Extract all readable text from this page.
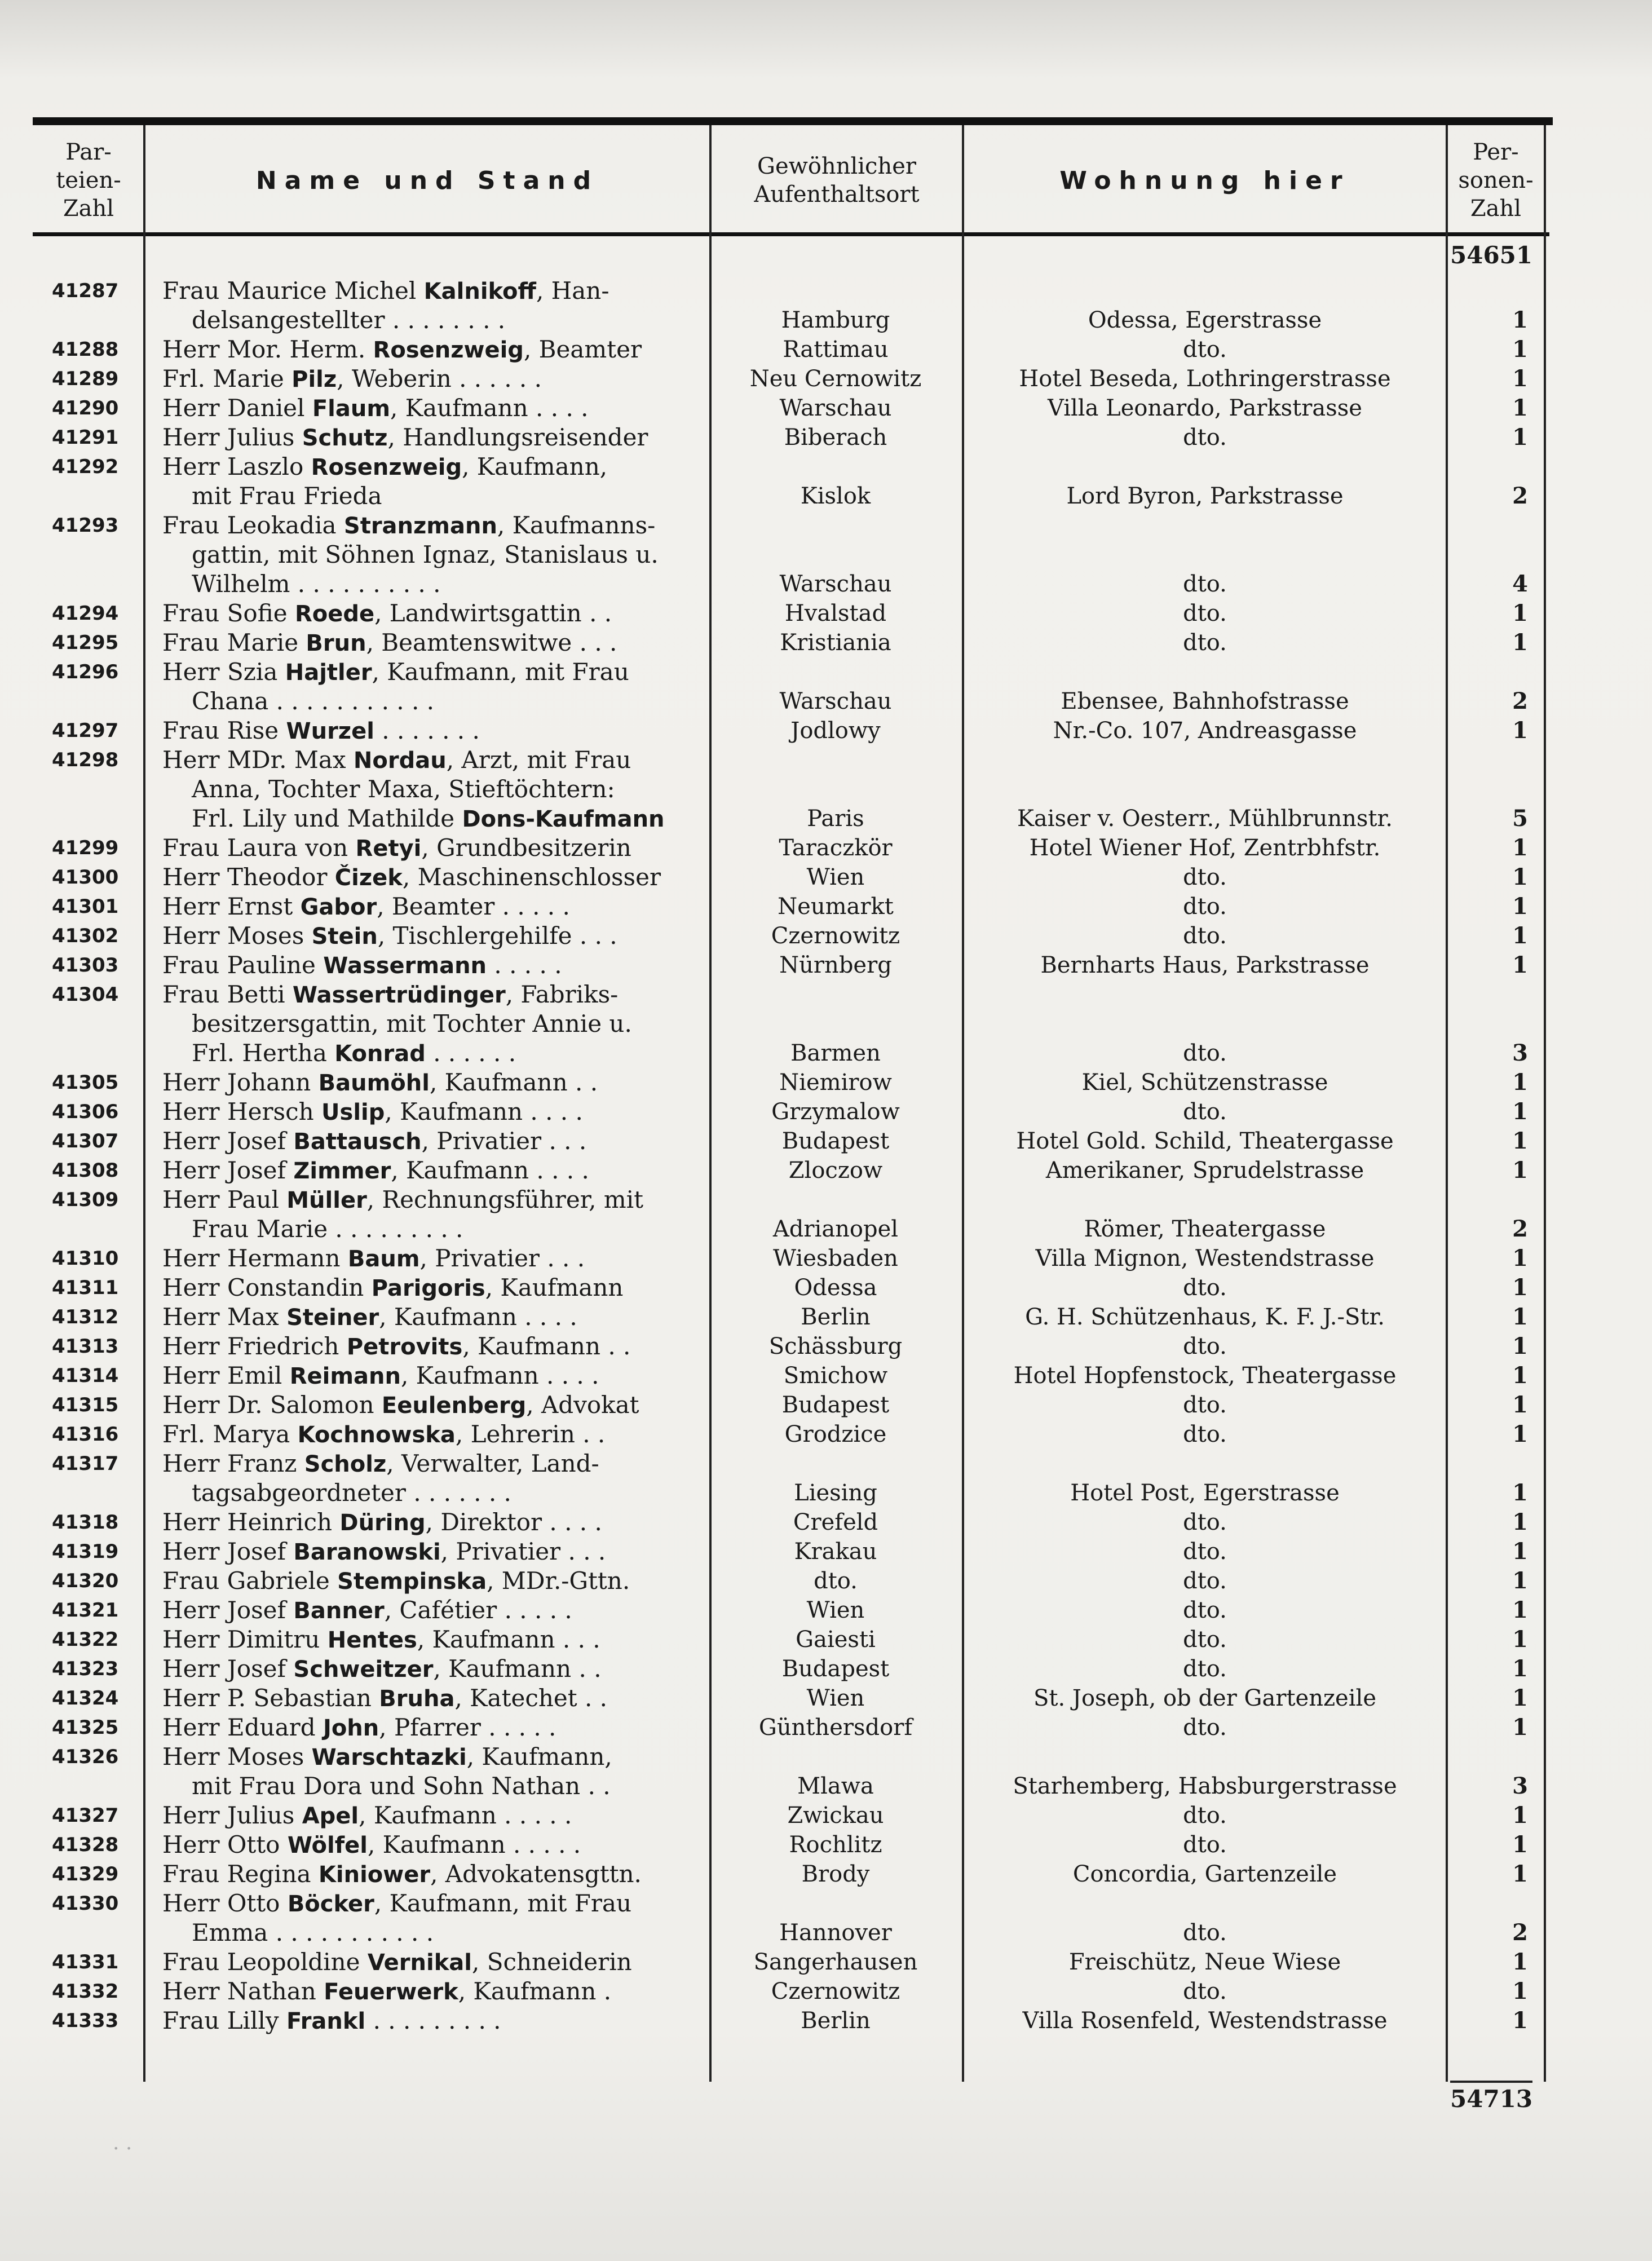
Par-
teien-
Zahl
Name und Stand	Gewöhnlicher
Aufenthaltsort	Wohnung hier
Per-
sonen-
Zahl
54651
41287 Frau Maurice Michel Kalnikoff, Han-
delsangestellter . . . . . . . .	Hamburg	Odessa, Egerstrasse	1
41288 Herr Mor. Herm. Rosenzweig, Beamter	Rattimau	dto.	1
41289 Frl. Marie Pilz, Weberin . . . . . .	Neu Cernowitz	Hotel Beseda, Lothringerstrasse	1
41290 Herr Daniel Flaum, Kaufmann . . . .	Warschau	Villa Leonardo, Parkstrasse	1
41291 Herr Julius Schutz, Handlungsreisender	Biberach	dto.	1
41292 Herr Laszlo Rosenzweig, Kaufmann,
mit Frau Frieda	Kislok	Lord Byron, Parkstrasse	2
41293 Frau Leokadia Stranzmann, Kaufmanns-
gattin, mit Söhnen Ignaz, Stanislaus u.
Wilhelm . . . . . . . . . .	Warschau	dto.	4
41294 Frau Sofie Roede, Landwirtsgattin . .	Hvalstad	dto.	1
41295 Frau Marie Brun, Beamtenswitwe . . .	Kristiania	dto.	1
41296 Herr Szia Hajtler, Kaufmann, mit Frau
Chana . . . . . . . . . . .	Warschau	Ebensee, Bahnhofstrasse	2
41297 Frau Rise Wurzel . . . . . . .	Jodlowy	Nr.-Co. 107, Andreasgasse	1
41298 Herr MDr. Max Nordau, Arzt, mit Frau
Anna, Tochter Maxa, Stieftöchtern:
Frl. Lily und Mathilde Dons-Kaufmann	Paris	Kaiser v. Oesterr., Mühlbrunnstr.	5
41299 Frau Laura von Retyi, Grundbesitzerin	Taraczkör	Hotel Wiener Hof, Zentrbhfstr.	1
41300 Herr Theodor Čizek, Maschinenschlosser	Wien	dto.	1
41301 Herr Ernst Gabor, Beamter . . . . .	Neumarkt	dto.	1
41302 Herr Moses Stein, Tischlergehilfe . . .	Czernowitz	dto.	1
41303 Frau Pauline Wassermann . . . . .	Nürnberg	Bernharts Haus, Parkstrasse	1
41304 Frau Betti Wassertrüdinger, Fabriks-
besitzersgattin, mit Tochter Annie u.
Frl. Hertha Konrad . . . . . .	Barmen	dto.	3
41305 Herr Johann Baumöhl, Kaufmann . .	Niemirow	Kiel, Schützenstrasse	1
41306 Herr Hersch Uslip, Kaufmann . . . .	Grzymalow	dto.	1
41307 Herr Josef Battausch, Privatier . . .	Budapest	Hotel Gold. Schild, Theatergasse	1
41308 Herr Josef Zimmer, Kaufmann . . . .	Zloczow	Amerikaner, Sprudelstrasse	1
41309 Herr Paul Müller, Rechnungsführer, mit
Frau Marie . . . . . . . . .	Adrianopel	Römer, Theatergasse	2
41310 Herr Hermann Baum, Privatier . . .	Wiesbaden	Villa Mignon, Westendstrasse	1
41311 Herr Constandin Parigoris, Kaufmann	Odessa	dto.	1
41312 Herr Max Steiner, Kaufmann . . . .	Berlin	G. H. Schützenhaus, K. F. J.-Str.	1
41313 Herr Friedrich Petrovits, Kaufmann . .	Schässburg	dto.	1
41314 Herr Emil Reimann, Kaufmann . . . .	Smichow	Hotel Hopfenstock, Theatergasse	1
41315 Herr Dr. Salomon Eeulenberg, Advokat	Budapest	dto.	1
41316 Frl. Marya Kochnowska, Lehrerin . .	Grodzice	dto.	1
41317 Herr Franz Scholz, Verwalter, Land-
tagsabgeordneter . . . . . . .	Liesing	Hotel Post, Egerstrasse	1
41318 Herr Heinrich Düring, Direktor . . . .	Crefeld	dto.	1
41319 Herr Josef Baranowski, Privatier . . .	Krakau	dto.	1
41320 Frau Gabriele Stempinska, MDr.-Gttn.	dto.	dto.	1
41321 Herr Josef Banner, Cafétier . . . . .	Wien	dto.	1
41322 Herr Dimitru Hentes, Kaufmann . . .	Gaiesti	dto.	1
41323 Herr Josef Schweitzer, Kaufmann . .	Budapest	dto.	1
41324 Herr P. Sebastian Bruha, Katechet . .	Wien	St. Joseph, ob der Gartenzeile	1
41325 Herr Eduard John, Pfarrer . . . . .	Günthersdorf	dto.	1
41326 Herr Moses Warschtazki, Kaufmann,
mit Frau Dora und Sohn Nathan . .	Mlawa	Starhemberg, Habsburgerstrasse	3
41327 Herr Julius Apel, Kaufmann . . . . .	Zwickau	dto.	1
41328 Herr Otto Wölfel, Kaufmann . . . . .	Rochlitz	dto.	1
41329 Frau Regina Kiniower, Advokatensgttn.	Brody	Concordia, Gartenzeile	1
41330 Herr Otto Böcker, Kaufmann, mit Frau
Emma . . . . . . . . . . .	Hannover	dto.	2
41331 Frau Leopoldine Vernikal, Schneiderin	Sangerhausen	Freischütz, Neue Wiese	1
41332 Herr Nathan Feuerwerk, Kaufmann .	Czernowitz	dto.	1
41333 Frau Lilly Frankl . . . . . . . . .	Berlin	Villa Rosenfeld, Westendstrasse	1
54713
. .
